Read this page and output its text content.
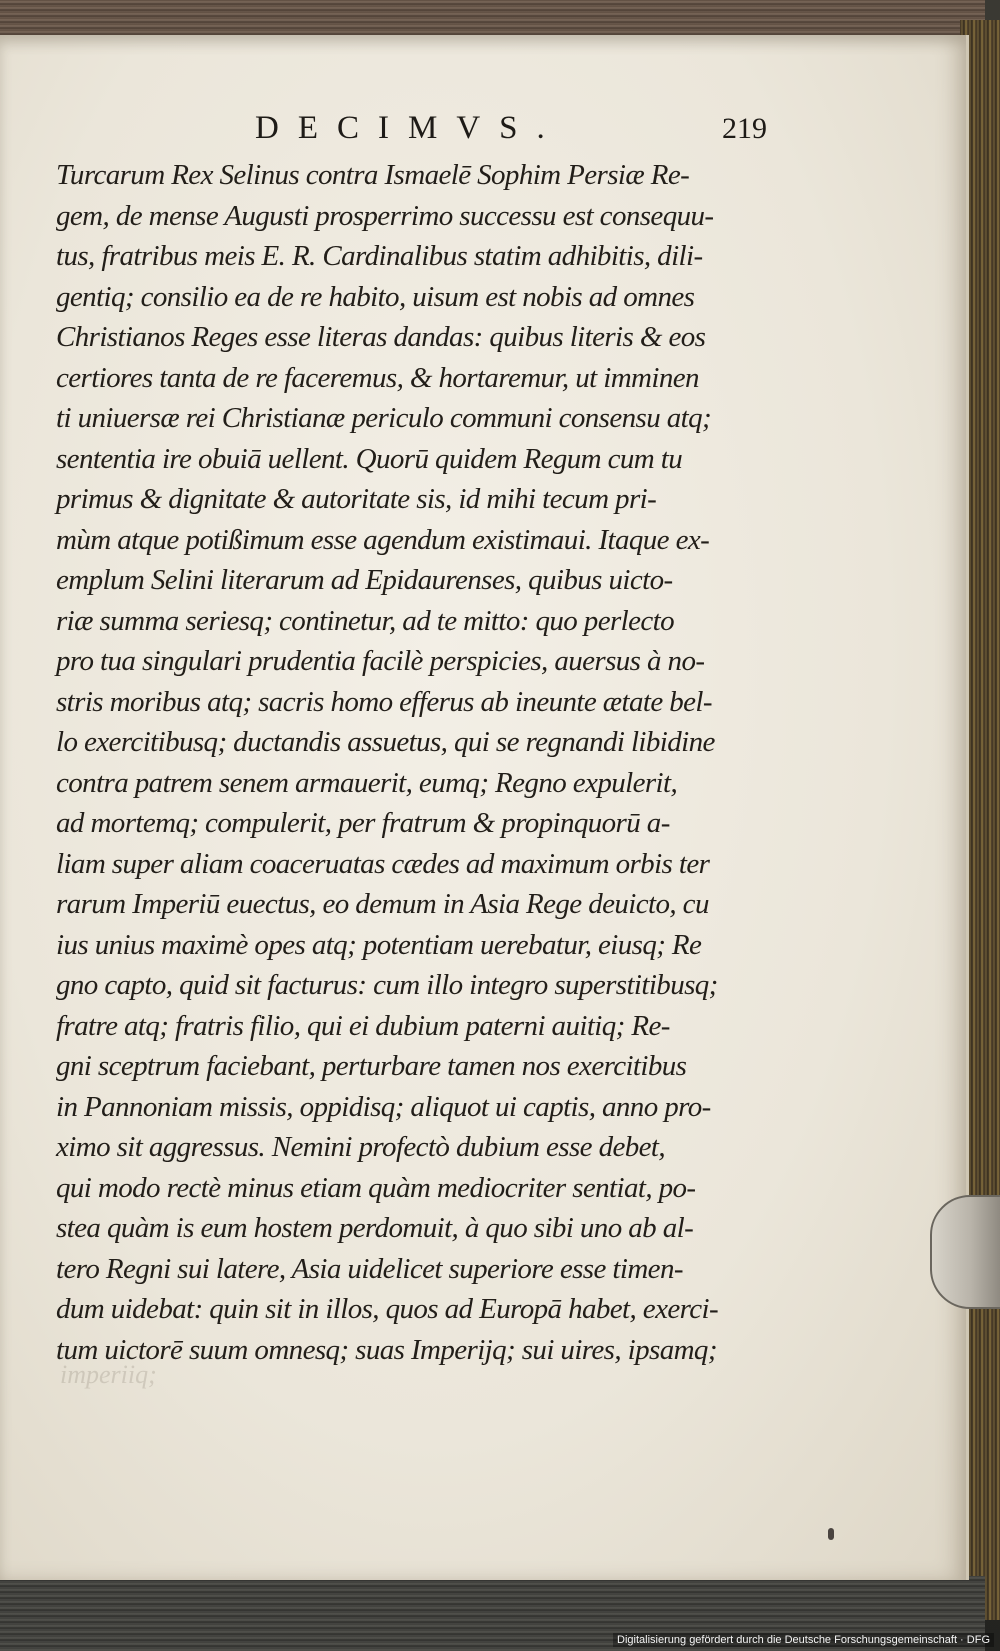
DECIMVS.	219
Turcarum Rex Selinus contra Ismaelē Sophim Persiæ Re-
gem, de mense Augusti prosperrimo successu est consequu-
tus, fratribus meis E. R. Cardinalibus statim adhibitis, dili-
gentiq; consilio ea de re habito, uisum est nobis ad omnes
Christianos Reges esse literas dandas: quibus literis & eos
certiores tanta de re faceremus, & hortaremur, ut imminen
ti uniuersæ rei Christianæ periculo communi consensu atq;
sententia ire obuiā uellent. Quorū quidem Regum cum tu
primus & dignitate & autoritate sis, id mihi tecum pri-
mùm atque potißimum esse agendum existimaui. Itaque ex-
emplum Selini literarum ad Epidaurenses, quibus uicto-
riæ summa seriesq; continetur, ad te mitto: quo perlecto
pro tua singulari prudentia facilè perspicies, auersus à no-
stris moribus atq; sacris homo efferus ab ineunte ætate bel-
lo exercitibusq; ductandis assuetus, qui se regnandi libidine
contra patrem senem armauerit, eumq; Regno expulerit,
ad mortemq; compulerit, per fratrum & propinquorū a-
liam super aliam coaceruatas cædes ad maximum orbis ter
rarum Imperiū euectus, eo demum in Asia Rege deuicto, cu
ius unius maximè opes atq; potentiam uerebatur, eiusq; Re
gno capto, quid sit facturus: cum illo integro superstitibusq;
fratre atq; fratris filio, qui ei dubium paterni auitiq; Re-
gni sceptrum faciebant, perturbare tamen nos exercitibus
in Pannoniam missis, oppidisq; aliquot ui captis, anno pro-
ximo sit aggressus. Nemini profectò dubium esse debet,
qui modo rectè minus etiam quàm mediocriter sentiat, po-
stea quàm is eum hostem perdomuit, à quo sibi uno ab al-
tero Regni sui latere, Asia uidelicet superiore esse timen-
dum uidebat: quin sit in illos, quos ad Europā habet, exerci-
tum uictorē suum omnesq; suas Imperijq; sui uires, ipsamq;
imperiiq;
Digitalisierung gefördert durch die Deutsche Forschungsgemeinschaft · DFG
